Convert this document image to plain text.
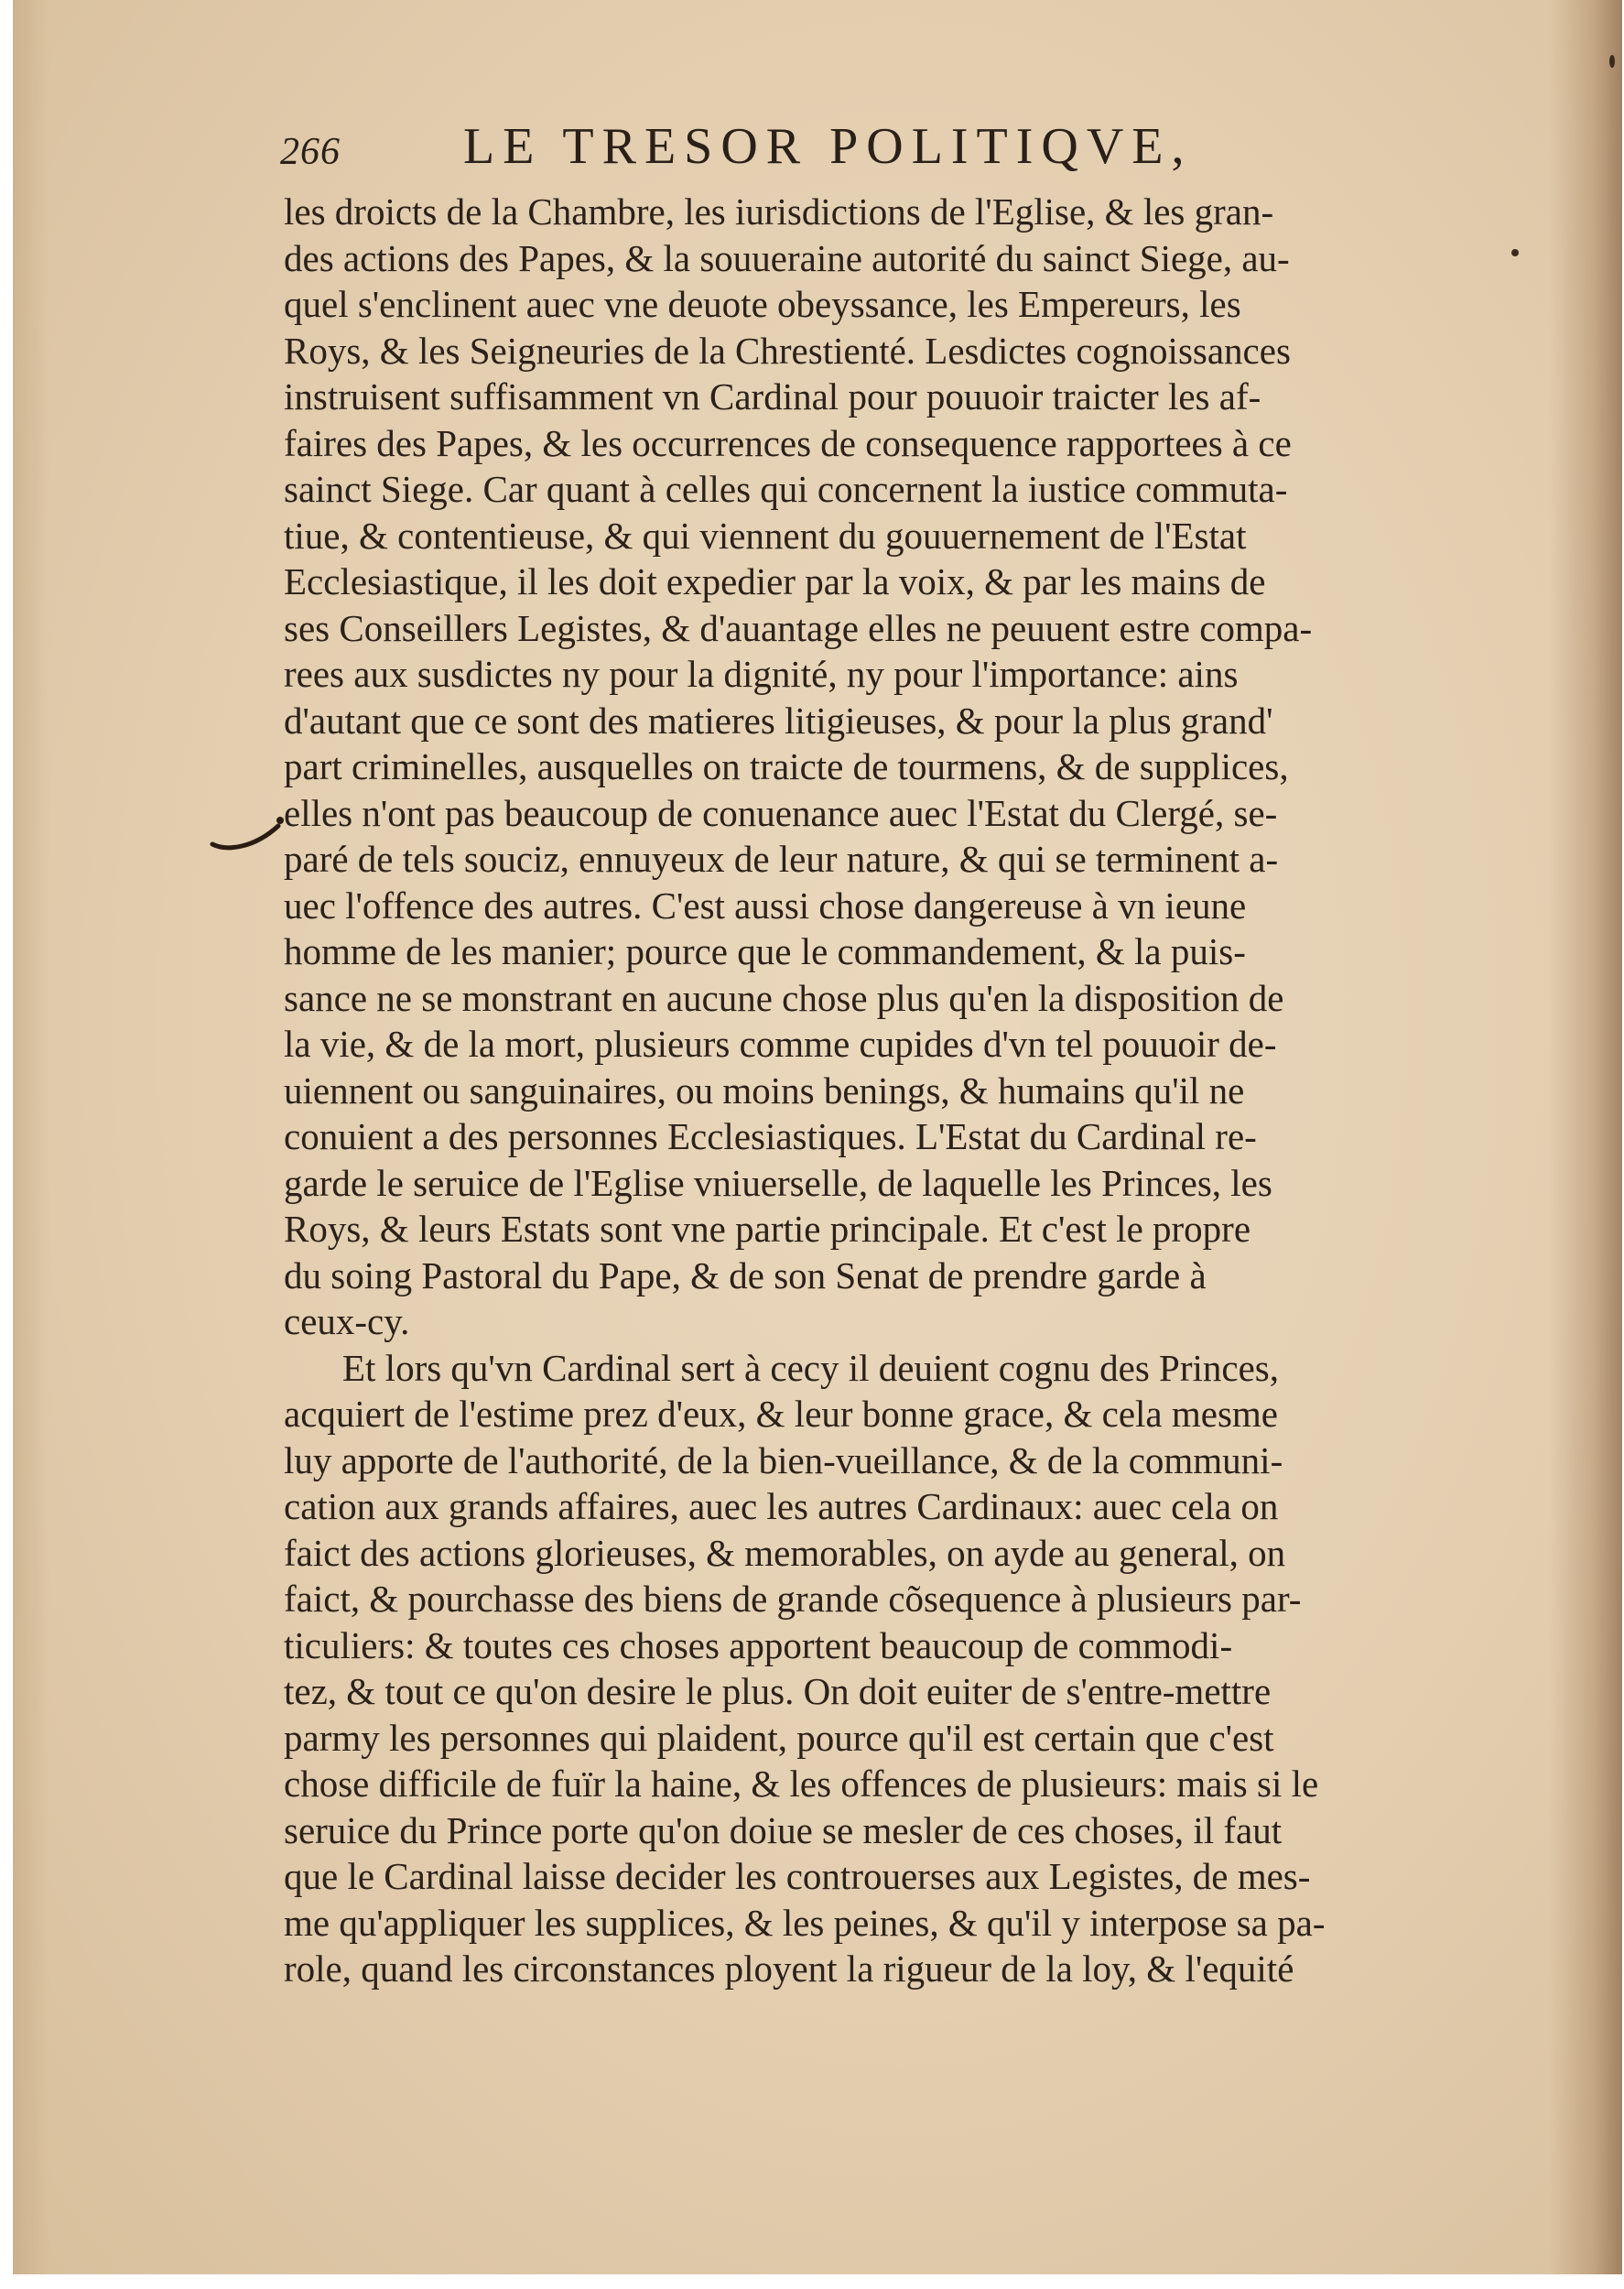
266 LE TRESOR POLITIQVE,
les droicts de la Chambre, les iurisdictions de l'Eglise, & les gran-
des actions des Papes, & la souueraine autorité du sainct Siege, au-
quel s'enclinent auec vne deuote obeyssance, les Empereurs, les
Roys, & les Seigneuries de la Chrestienté. Lesdictes cognoissances
instruisent suffisamment vn Cardinal pour pouuoir traicter les af-
faires des Papes, & les occurrences de consequence rapportees à ce
sainct Siege. Car quant à celles qui concernent la iustice commuta-
tiue, & contentieuse, & qui viennent du gouuernement de l'Estat
Ecclesiastique, il les doit expedier par la voix, & par les mains de
ses Conseillers Legistes, & d'auantage elles ne peuuent estre compa-
rees aux susdictes ny pour la dignité, ny pour l'importance: ains
d'autant que ce sont des matieres litigieuses, & pour la plus grand'
part criminelles, ausquelles on traicte de tourmens, & de supplices,
elles n'ont pas beaucoup de conuenance auec l'Estat du Clergé, se-
paré de tels souciz, ennuyeux de leur nature, & qui se terminent a-
uec l'offence des autres. C'est aussi chose dangereuse à vn ieune
homme de les manier; pource que le commandement, & la puis-
sance ne se monstrant en aucune chose plus qu'en la disposition de
la vie, & de la mort, plusieurs comme cupides d'vn tel pouuoir de-
uiennent ou sanguinaires, ou moins benings, & humains qu'il ne
conuient a des personnes Ecclesiastiques. L'Estat du Cardinal re-
garde le seruice de l'Eglise vniuerselle, de laquelle les Princes, les
Roys, & leurs Estats sont vne partie principale. Et c'est le propre
du soing Pastoral du Pape, & de son Senat de prendre garde à
ceux-cy.
Et lors qu'vn Cardinal sert à cecy il deuient cognu des Princes,
acquiert de l'estime prez d'eux, & leur bonne grace, & cela mesme
luy apporte de l'authorité, de la bien-vueillance, & de la communi-
cation aux grands affaires, auec les autres Cardinaux: auec cela on
faict des actions glorieuses, & memorables, on ayde au general, on
faict, & pourchasse des biens de grande cõsequence à plusieurs par-
ticuliers: & toutes ces choses apportent beaucoup de commodi-
tez, & tout ce qu'on desire le plus. On doit euiter de s'entre-mettre
parmy les personnes qui plaident, pource qu'il est certain que c'est
chose difficile de fuïr la haine, & les offences de plusieurs: mais si le
seruice du Prince porte qu'on doiue se mesler de ces choses, il faut
que le Cardinal laisse decider les controuerses aux Legistes, de mes-
me qu'appliquer les supplices, & les peines, & qu'il y interpose sa pa-
role, quand les circonstances ployent la rigueur de la loy, & l'equité
